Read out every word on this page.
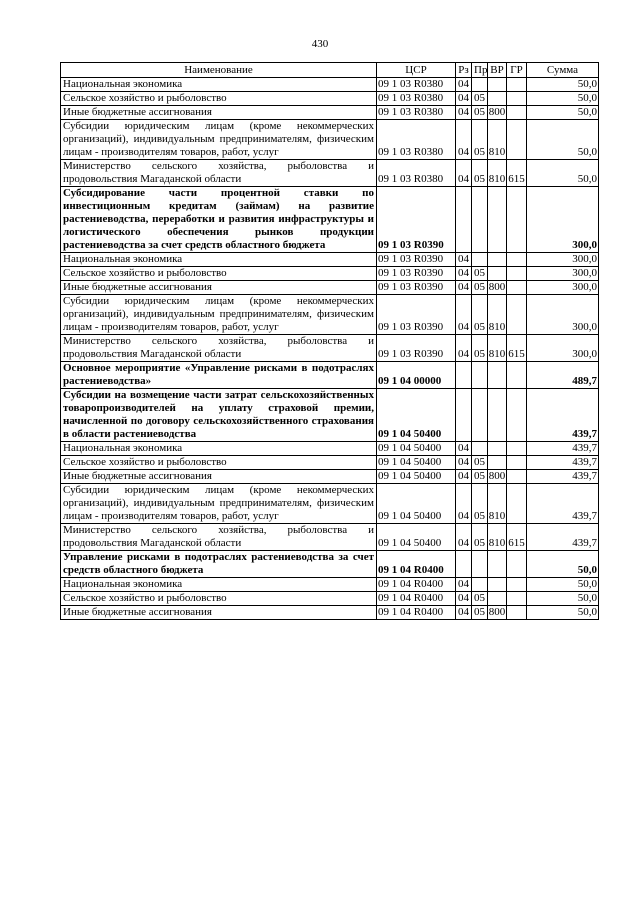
430
Наименование	ЦСР	Рз	Пр	ВР	ГР	Сумма
Национальная экономика	09 1 03 R0380	04				50,0
Сельское хозяйство и рыболовство	09 1 03 R0380	04	05			50,0
Иные бюджетные ассигнования	09 1 03 R0380	04	05	800		50,0
Субсидии юридическим лицам (кроме некоммерческих организаций), индивидуальным предпринимателям, физическим лицам - производителям товаров, работ, услуг	09 1 03 R0380	04	05	810		50,0
Министерство сельского хозяйства, рыболовства и продовольствия Магаданской области	09 1 03 R0380	04	05	810	615	50,0
Субсидирование части процентной ставки по инвестиционным кредитам (займам) на развитие растениеводства, переработки и развития инфраструктуры и логистического обеспечения рынков продукции растениеводства за счет средств областного бюджета	09 1 03 R0390					300,0
Национальная экономика	09 1 03 R0390	04				300,0
Сельское хозяйство и рыболовство	09 1 03 R0390	04	05			300,0
Иные бюджетные ассигнования	09 1 03 R0390	04	05	800		300,0
Субсидии юридическим лицам (кроме некоммерческих организаций), индивидуальным предпринимателям, физическим лицам - производителям товаров, работ, услуг	09 1 03 R0390	04	05	810		300,0
Министерство сельского хозяйства, рыболовства и продовольствия Магаданской области	09 1 03 R0390	04	05	810	615	300,0
Основное мероприятие «Управление рисками в подотраслях растениеводства»	09 1 04 00000					489,7
Субсидии на возмещение части затрат сельскохозяйственных товаропроизводителей на уплату страховой премии, начисленной по договору сельскохозяйственного страхования в области растениеводства	09 1 04 50400					439,7
Национальная экономика	09 1 04 50400	04				439,7
Сельское хозяйство и рыболовство	09 1 04 50400	04	05			439,7
Иные бюджетные ассигнования	09 1 04 50400	04	05	800		439,7
Субсидии юридическим лицам (кроме некоммерческих организаций), индивидуальным предпринимателям, физическим лицам - производителям товаров, работ, услуг	09 1 04 50400	04	05	810		439,7
Министерство сельского хозяйства, рыболовства и продовольствия Магаданской области	09 1 04 50400	04	05	810	615	439,7
Управление рисками в подотраслях растениеводства за счет средств областного бюджета	09 1 04 R0400					50,0
Национальная экономика	09 1 04 R0400	04				50,0
Сельское хозяйство и рыболовство	09 1 04 R0400	04	05			50,0
Иные бюджетные ассигнования	09 1 04 R0400	04	05	800		50,0
